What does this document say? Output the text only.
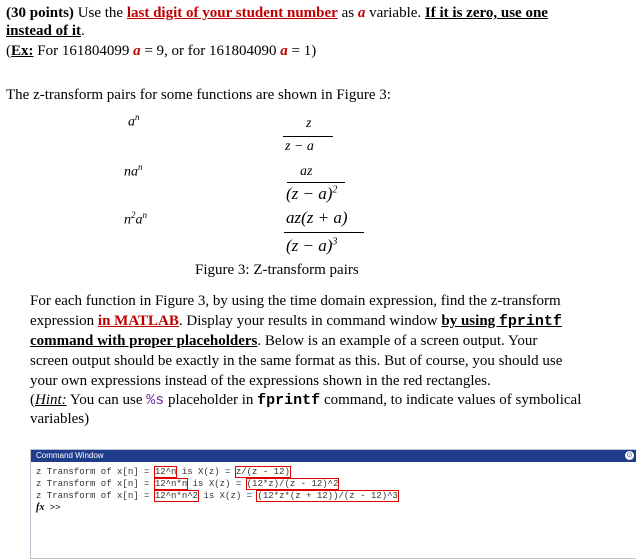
(30 points) Use the last digit of your student number as a variable. If it is zero, use one
instead of it.
(Ex: For 161804099 a = 9, or for 161804090 a = 1)
The z-transform pairs for some functions are shown in Figure 3:
$a^n$	z
z − a
$na^n$	az
$(z - a)^2$
$n^2a^n$	az(z + a)
$(z - a)^3$
Figure 3: Z-transform pairs
For each function in Figure 3, by using the time domain expression, find the z-transform
expression in MATLAB. Display your results in command window by using fprintf
command with proper placeholders. Below is an example of a screen output. Your
screen output should be exactly in the same format as this. But of course, you should use
your own expressions instead of the expressions shown in the red rectangles.
(Hint: You can use %s placeholder in fprintf command, to indicate values of symbolical
variables)
Command Window	⊙
z Transform of x[n] = 12^n is X(z) = z/(z - 12)
z Transform of x[n] = 12^n*n is X(z) = (12*z)/(z - 12)^2
z Transform of x[n] = 12^n*n^2 is X(z) = (12*z*(z + 12))/(z - 12)^3
fx >>
